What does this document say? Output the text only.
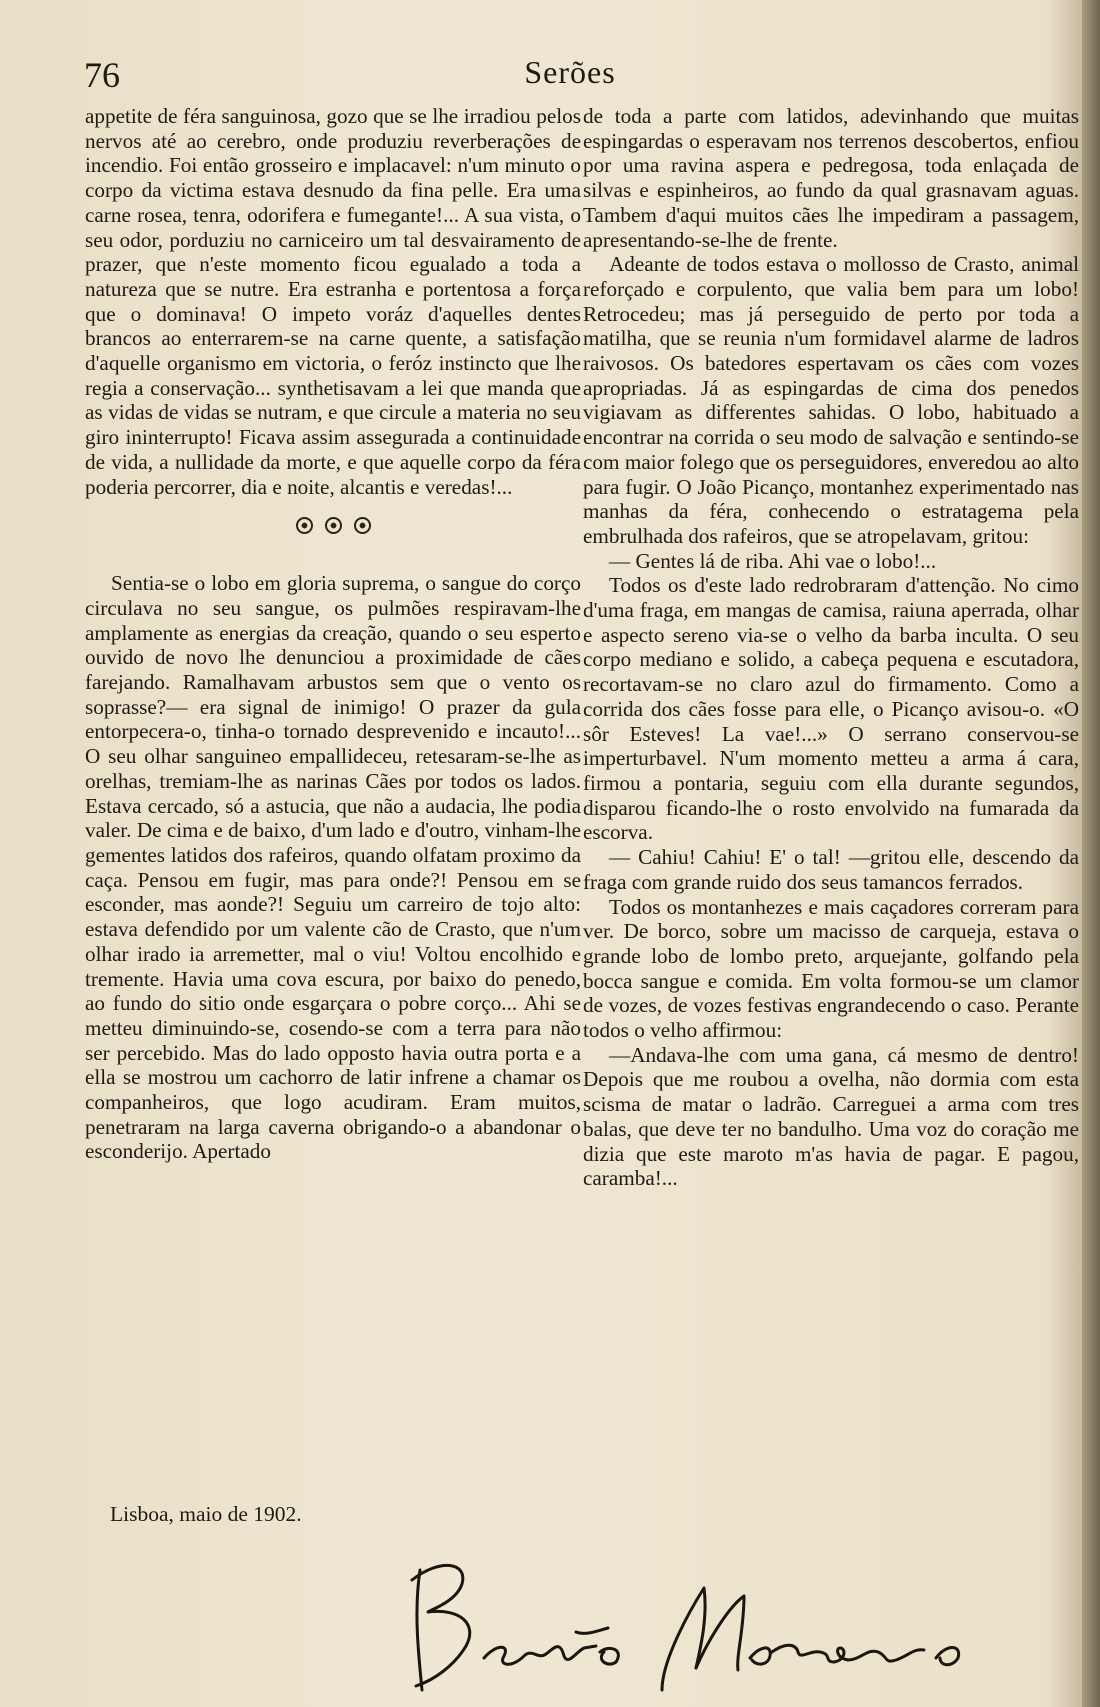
76	Serões

appetite de féra sanguinosa, gozo que se lhe irradiou pelos nervos até ao cerebro, onde produziu reverberações de incendio. Foi então grosseiro e implacavel: n'um minuto o corpo da victima estava desnudo da fina pelle. Era uma carne rosea, tenra, odorifera e fumegante!... A sua vista, o seu odor, porduziu no carniceiro um tal desvairamento de prazer, que n'este momento ficou egualado a toda a natureza que se nutre. Era estranha e portentosa a força que o dominava! O impeto voráz d'aquelles dentes brancos ao enterrarem-se na carne quente, a satisfação d'aquelle organismo em victoria, o feróz instincto que lhe regia a conservação... synthetisavam a lei que manda que as vidas de vidas se nutram, e que circule a materia no seu giro ininterrupto! Ficava assim assegurada a continuidade de vida, a nullidade da morte, e que aquelle corpo da féra poderia percorrer, dia e noite, alcantis e veredas!...

Sentia-se o lobo em gloria suprema, o sangue do corço circulava no seu sangue, os pulmões respiravam-lhe amplamente as energias da creação, quando o seu esperto ouvido de novo lhe denunciou a proximidade de cães farejando. Ramalhavam arbustos sem que o vento os soprasse?— era signal de inimigo! O prazer da gula entorpecera-o, tinha-o tornado desprevenido e incauto!... O seu olhar sanguineo empallideceu, retesaram-se-lhe as orelhas, tremiam-lhe as narinas Cães por todos os lados. Estava cercado, só a astucia, que não a audacia, lhe podia valer. De cima e de baixo, d'um lado e d'outro, vinham-lhe gementes latidos dos rafeiros, quando olfatam proximo da caça. Pensou em fugir, mas para onde?! Pensou em se esconder, mas aonde?! Seguiu um carreiro de tojo alto: estava defendido por um valente cão de Crasto, que n'um olhar irado ia arremetter, mal o viu! Voltou encolhido e tremente. Havia uma cova escura, por baixo do penedo, ao fundo do sitio onde esgarçara o pobre corço... Ahi se metteu diminuindo-se, cosendo-se com a terra para não ser percebido. Mas do lado opposto havia outra porta e a ella se mostrou um cachorro de latir infrene a chamar os companheiros, que logo acudiram. Eram muitos, penetraram na larga caverna obrigando-o a abandonar o esconderijo. Apertado

de toda a parte com latidos, adevinhando que muitas espingardas o esperavam nos terrenos descobertos, enfiou por uma ravina aspera e pedregosa, toda enlaçada de silvas e espinheiros, ao fundo da qual grasnavam aguas. Tambem d'aqui muitos cães lhe impediram a passagem, apresentando-se-lhe de frente.

Adeante de todos estava o mollosso de Crasto, animal reforçado e corpulento, que valia bem para um lobo! Retrocedeu; mas já perseguido de perto por toda a matilha, que se reunia n'um formidavel alarme de ladros raivosos. Os batedores espertavam os cães com vozes apropriadas. Já as espingardas de cima dos penedos vigiavam as differentes sahidas. O lobo, habituado a encontrar na corrida o seu modo de salvação e sentindo-se com maior folego que os perseguidores, enveredou ao alto para fugir. O João Picanço, montanhez experimentado nas manhas da féra, conhecendo o estratagema pela embrulhada dos rafeiros, que se atropelavam, gritou:

— Gentes lá de riba. Ahi vae o lobo!...

Todos os d'este lado redrobraram d'attenção. No cimo d'uma fraga, em mangas de camisa, raiuna aperrada, olhar e aspecto sereno via-se o velho da barba inculta. O seu corpo mediano e solido, a cabeça pequena e escutadora, recortavam-se no claro azul do firmamento. Como a corrida dos cães fosse para elle, o Picanço avisou-o. «O sôr Esteves! La vae!...» O serrano conservou-se imperturbavel. N'um momento metteu a arma á cara, firmou a pontaria, seguiu com ella durante segundos, disparou ficando-lhe o rosto envolvido na fumarada da escorva.

— Cahiu! Cahiu! E' o tal! —gritou elle, descendo da fraga com grande ruido dos seus tamancos ferrados.

Todos os montanhezes e mais caçadores correram para ver. De borco, sobre um macisso de carqueja, estava o grande lobo de lombo preto, arquejante, golfando pela bocca sangue e comida. Em volta formou-se um clamor de vozes, de vozes festivas engrandecendo o caso. Perante todos o velho affirmou:

—Andava-lhe com uma gana, cá mesmo de dentro! Depois que me roubou a ovelha, não dormia com esta scisma de matar o ladrão. Carreguei a arma com tres balas, que deve ter no bandulho. Uma voz do coração me dizia que este maroto m'as havia de pagar. E pagou, caramba!...

Lisboa, maio de 1902.
